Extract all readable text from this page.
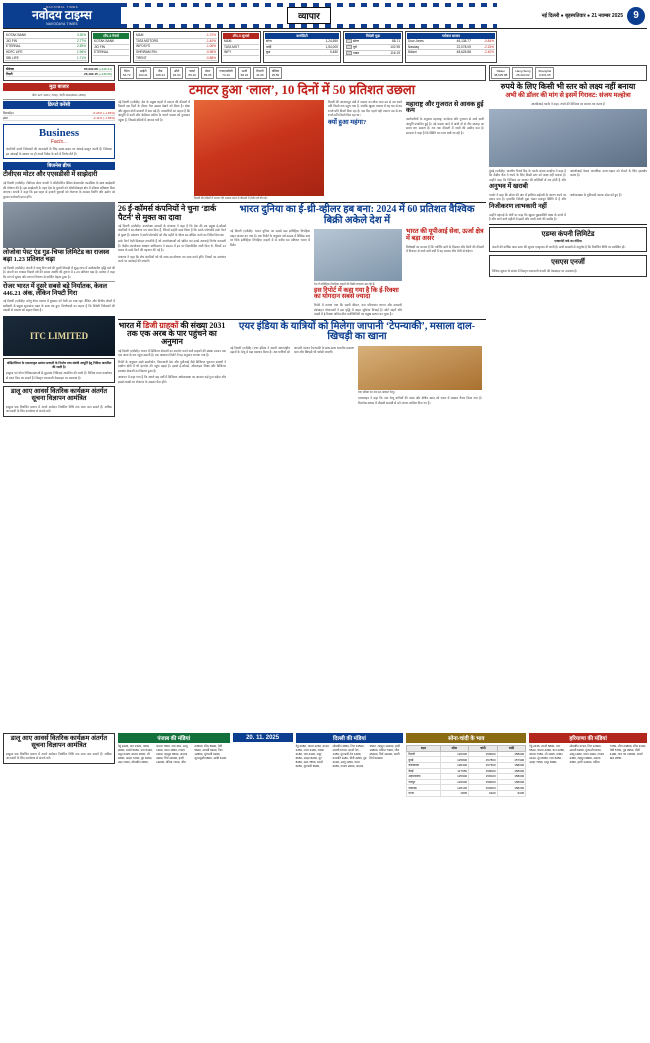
NAVJOBAL TIMES
नवोदय टाइम्स
NAVODAYA TIMES
व्यापार	नई दिल्ली ● बृहस्पतिवार ● 21 नवम्बर 2025	9
KOTAK BANK	3.30%
JIO FIN	2.77%
ETERNAL	2.59%
HDFC LIFE	1.96%
SBI LIFE	1.71%
टॉप-3 गेनर्स
KOTAK BANK
JIO FIN
ETERNAL
M&M	-1.72%
TATA MOTORS	-1.40%
INFOSYS	-1.06%
SHRIRAM FIN	-0.98%
TRENT	-0.88%
टॉप-3 लूजर्स
M&M
TATA MOT
INFY
कमोडिटी
सोना	1,24,550
चांदी	1,54,000
क्रूड	5,480
विदेशी मुद्रा
डॉलर	88.71
यूरो	102.95
पाउंड	116.19
ग्लोबल बाजार
Dow Jones	46,138.77	-0.84%
Nasdaq	22,078.05	-2.15%
Nikkei	48,625.88	-2.40%
सेंसेक्स	85,632.68 (+446.21)
निफ्टी	26,192.15 (+139.50)
रिटेल
54.72
आईटी
104.21
बैंक
108.44
ऑटो
94.30
फार्मा
89.10
मेटल
85.06
एफएमसीजी
73.10
ऊर्जा
58.22
रियल्टी
41.05
मीडिया
25.50
Nikkei
48,625.88
Hang Seng
25,220.02
Shanghai
3,931.05
मुद्रा बाजार
सेल 127.100 (-700), चांदी 160,800 (-800)
क्रिप्टो करेंसी
बिटकॉइन	-0.24% (-1.83%)
इथर	-2.11% (-1.65%)
Business
Facts...
कंपनियों अपने निवेशकों की जानकारी के लिए समय-समय पर आंकड़े प्रस्तुत करती हैं। निवेशक इन आंकड़ों के आधार पर ही अपने निवेश के बारे में निर्णय लेते हैं।
बिजनेस ब्रीफ
टीवीएस मोटर और एएसडीसी में साझेदारी
नई दिल्ली (एजेंसी)। टीवीएस मोटर कंपनी ने ऑटोमोटिव स्किल डेवलपमेंट काउंसिल के साथ साझेदारी की घोषणा की है। इस साझेदारी के तहत देश के युवाओं को ऑटोमोबाइल क्षेत्र में कौशल प्रशिक्षण दिया जाएगा। कंपनी ने कहा कि इस पहल से हजारों युवाओं को रोजगार के अवसर मिलेंगे और उद्योग को कुशल कर्मचारी प्राप्त होंगे।
लोजोवा पेस्ट एंड गुड-चिप्स लिमिटेड का राजस्व बढ़ा 1.23 प्रतिशत चढ़ा
नई दिल्ली (एजेंसी)। कंपनी ने चालू वित्त वर्ष की दूसरी तिमाही में शुद्ध लाभ में उल्लेखनीय वृद्धि दर्ज की है। कंपनी का राजस्व पिछले वर्ष की समान अवधि की तुलना में 1.23 प्रतिशत बढ़ा है। प्रबंधन ने कहा कि मांग में सुधार और लागत नियंत्रण से मार्जिन बेहतर हुआ है।
रोजर भारत में दूसरे सबसे बड़े निर्यातक, केवल 446.21 अंक, लेकिन निफ्टी गिरा
नई दिल्ली (एजेंसी)। घरेलू शेयर बाजार में बुधवार को तेजी का रुख रहा। बैंकिंग और वित्तीय शेयरों में खरीदारी से प्रमुख सूचकांक बढ़त के साथ बंद हुए। विश्लेषकों का कहना है कि विदेशी निवेशकों की वापसी से बाजार को सहारा मिला है।
ITC LIMITED
ऑडिटोरियम के एकल्लकृत प्रबंधन प्रणाली के निर्माण तथा संबंधी आपूर्ति हेतु निविदा आमंत्रित की जाती है।
इच्छुक एवं योग्य निविदादाताओं से मुहरबंद निविदाएं आमंत्रित की जाती हैं। निविदा प्रपत्र कार्यालय से प्राप्त किए जा सकते हैं। विस्तृत जानकारी वेबसाइट पर उपलब्ध है।
डालू आए आवर्स वितरिक कार्यक्रम अंतर्गत सूचना विज्ञापन आमंत्रित
इच्छुक पक्ष निर्धारित प्रारूप में अपने आवेदन निर्धारित तिथि तक जमा करा सकते हैं। अधिक जानकारी के लिए कार्यालय से संपर्क करें।
टमाटर हुआ ‘लाल’, 10 दिनों में 50 प्रतिशत उछला
नई दिल्ली (एजेंसी)। देश के प्रमुख शहरों में टमाटर की कीमतों में पिछले दस दिनों के दौरान तेज उछाल देखने को मिला है। थोक और खुदरा दोनों बाजारों में दाम बढ़े हैं। व्यापारियों का कहना है कि आपूर्ति में कमी और बेमौसम बारिश के चलते फसल को नुकसान पहुंचा है, जिससे मंडियों में आवक घटी है।
दिल्ली की मंडियों में टमाटर की आवक घटने से कीमतों में तेजी दर्ज की गई।
दिल्ली की आजादपुर मंडी में टमाटर का थोक भाव 20 से 30 रुपये प्रति किलो तक पहुंच गया है, जबकि खुदरा बाजार में यह 50 से 60 रुपये प्रति किलो बिक रहा है। दस दिन पहले यही टमाटर 30 से 35 रुपये प्रति किलो मिल रहा था।
क्यों हुआ महंगा?
महाराष्ट्र और गुजरात से आवक हुई कम
कारोबारियों के अनुसार महाराष्ट्र, कर्नाटक और गुजरात से आने वाली आपूर्ति प्रभावित हुई है। नई फसल आने में अभी दो से तीन सप्ताह का समय लग सकता है। तब तक कीमतों में नरमी की उम्मीद कम है। सरकार ने कहा है कि स्थिति पर नजर रखी जा रही है।
26 ई-कॉमर्स कंपनियों ने चुना ‘डार्क पैटर्न’ से मुक्त का दावा
नई दिल्ली (एजेंसी)। उपभोक्ता मामलों के मंत्रालय ने कहा है कि देश की 26 प्रमुख ई-कॉमर्स कंपनियों ने स्व-घोषणा पत्र जमा किए हैं, जिनमें उन्होंने दावा किया है कि उनके प्लेटफॉर्म डार्क पैटर्न से मुक्त हैं। मंत्रालय ने सभी प्लेटफॉर्म को तीन महीने के भीतर स्व-ऑडिट करने का निर्देश दिया था।
डार्क पैटर्न ऐसी डिजाइन तकनीकें हैं जो उपभोक्ताओं को भ्रमित कर उनसे अनचाहे निर्णय करवाती हैं। केंद्रीय उपभोक्ता संरक्षण प्राधिकरण ने 2023 में इन पर दिशानिर्देश जारी किए थे, जिनमें 13 प्रकार के डार्क पैटर्न की पहचान की गई है।
मंत्रालय ने कहा कि शेष कंपनियों को भी जल्द स्व-घोषणा पत्र जमा करने होंगे। नियमों का उल्लंघन करने पर कार्रवाई की जाएगी।
भारत दुनिया का ई-थ्री-व्हीलर हब बना: 2024 में 60 प्रतिशत वैश्विक बिक्री अकेले देश में
नई दिल्ली (एजेंसी)। भारत दुनिया का सबसे बड़ा इलेक्ट्रिक तिपहिया वाहन बाजार बन गया है। एक रिपोर्ट के अनुसार वर्ष 2024 में वैश्विक स्तर पर बिके इलेक्ट्रिक तिपहिया वाहनों में से करीब 60 प्रतिशत भारत में बिके।
देश में इलेक्ट्रिक तिपहिया वाहनों की बिक्री लगातार बढ़ रही है।
इस रिपोर्ट में कहा गया है कि ई-रिक्शा का योगदान सबसे ज्यादा
रिपोर्ट में बताया गया कि सस्ती कीमत, कम परिचालन लागत और सरकारी प्रोत्साहन योजनाओं ने इस वृद्धि में अहम भूमिका निभाई है। छोटे शहरों और कस्बों में ई-रिक्शा अंतिम मील कनेक्टिविटी का प्रमुख साधन बन चुका है।
भारत की यूपीआई सेवा, ऊर्जा क्षेत्र में बड़ा असर
विशेषज्ञों का मानना है कि चार्जिंग ढांचे के विस्तार और बैटरी की कीमतों में गिरावट से आने वाले वर्षों में यह बाजार और तेजी से बढ़ेगा।
भारत में डिजी ग्राहकों की संख्या 2031 तक एक अरब के पार पहुंचने का अनुमान
नई दिल्ली (एजेंसी)। भारत में डिजिटल सेवाओं का उपयोग करने वाले ग्राहकों की संख्या 2031 तक एक अरब के पार पहुंच सकती है। एक अध्ययन रिपोर्ट में यह अनुमान लगाया गया है।
रिपोर्ट के अनुसार सस्ते स्मार्टफोन, किफायती डेटा और यूपीआई जैसे डिजिटल भुगतान साधनों ने ग्रामीण क्षेत्रों में भी इंटरनेट की पहुंच बढ़ाई है। इससे ई-कॉमर्स, ऑनलाइन शिक्षा और डिजिटल स्वास्थ्य सेवाओं का विस्तार हुआ है।
अध्ययन में कहा गया है कि अगले छह वर्षों में डिजिटल अर्थव्यवस्था का आकार कई गुना बढ़ेगा और इससे लाखों नए रोजगार के अवसर पैदा होंगे।
एयर इंडिया के यात्रियों को मिलेगा जापानी ‘टेपन्याकी’, मसाला दाल-खिचड़ी का खाना
नई दिल्ली (एजेंसी)। एयर इंडिया ने अपनी अंतरराष्ट्रीय उड़ानों के मेन्यू में बड़ा बदलाव किया है। अब यात्रियों को जापानी व्यंजन टेपन्याकी के साथ-साथ भारतीय मसाला दाल और खिचड़ी भी परोसी जाएगी।
एयर इंडिया का नया इन-फ्लाइट मेन्यू।
एयरलाइन ने कहा कि नया मेन्यू यात्रियों की पसंद और क्षेत्रीय स्वाद को ध्यान में रखकर तैयार किया गया है। बिजनेस क्लास में मौसमी सामग्री से बने व्यंजन शामिल किए गए हैं।
रुपये के लिए किसी भी स्तर को लक्ष्य नहीं बनाया
अभी की डॉलर की मांग से इसमें गिरावट: संजय मल्होत्रा
आरबीआई गवर्नर ने कहा- रुपये की विनिमय दर बाजार तय करता है
मुंबई (एजेंसी)। भारतीय रिजर्व बैंक के गवर्नर संजय मल्होत्रा ने कहा है कि केंद्रीय बैंक ने रुपये के लिए किसी स्तर को लक्ष्य नहीं बनाया है। उन्होंने कहा कि विनिमय दर बाजार की शक्तियों से तय होती है और आरबीआई केवल अत्यधिक उतार-चढ़ाव को रोकने के लिए हस्तक्षेप करता है।
अनुभव में खराबी
गवर्नर ने कहा कि डॉलर की मांग में हालिया बढ़ोतरी के कारण रुपये पर दबाव बना है। हालांकि विदेशी मुद्रा भंडार मजबूत स्थिति में है और अर्थव्यवस्था के बुनियादी कारक ठोस बने हुए हैं।
निजीकरण लाभकारी नहीं
उन्होंने महंगाई के मोर्चे पर कहा कि खुदरा मुद्रास्फीति लक्ष्य के दायरे में है और आने वाले महीनों में इसमें और नरमी आने की उम्मीद है।
एडम्स कंपनी लिमिटेड
एक्सपोर्ट वर्क का नोटिस
कंपनी की वार्षिक आम सभा की सूचना एतद्द्वारा दी जाती है। सभी सदस्यों से अनुरोध है कि निर्धारित तिथि पर उपस्थित हों।
एसएस एनर्जी
निविदा सूचना के संबंध में विस्तृत जानकारी कंपनी की वेबसाइट पर उपलब्ध है।
डालू आए आवर्स वितरिक कार्यक्रम अंतर्गत सूचना विज्ञापन आमंत्रित
इच्छुक पक्ष निर्धारित प्रारूप में अपने आवेदन निर्धारित तिथि तक जमा करा सकते हैं। अधिक जानकारी के लिए कार्यालय से संपर्क करें।
पंजाब की मंडियां
गेहूं 2425, धान 2320, मक्का 2090, सरसों 5650, चना 5440, मसूर 6425, बाजरा 2500, जौ 1890, अरहर 7200, मूंग 8150, उड़द 7400, सोयाबीन 4650, कपास 7500, गन्ना 391, आलू 1200, प्याज 1850, टमाटर 2200, लहसुन 9500, अदरक 4200, मिर्च 11500, हल्दी 13200, धनिया 7100, जीरा 24500, सौंफ 8900, मेथी 5600, अलसी 6400, तिल 12800, मूंगफली 6200, सूरजमुखी 6800, अरंडी 6100
20. 11. 2025	दिल्ली की मंडियां
गेहूं 2680, चावल 4250, बाजरा 2450, ज्वार 3100, मक्का 2180, चना 6100, मसूर 6650, अरहर 8200, मूंग 8450, उड़द 7850, सरसों 6250, मूंगफली 6500, सोयाबीन 4850, तिल 13500, अलसी 6700, सरसों तेल 1450, मूंगफली तेल 1680, वनस्पति 1180, चीनी 4250, गुड़ 4100, आलू 1350, प्याज 2050, टमाटर 2600, अदरक 4500, लहसुन 10200, हल्दी 13800, धनिया 7400, जीरा 25200, मिर्च 12200, काली मिर्च 62000
सोना-चांदी के भाव
शहर	सोना	चांदी	चांदी
दिल्ली	126000	158000	158000
मुंबई	125800	157800	157900
कोलकाता	128400	157500	158000
चेन्नई	117550	158000	158000
अहमदाबाद	125900	158100	158000
जयपुर	126000	158000	158000
लखनऊ	126100	158200	158200
पटना	1805	9100	9300
हरियाणा की मंडियां
गेहूं 2435, सरसों 5800, चना 5520, बाजरा 2390, धान 2280, कपास 7350, जौ 1925, मक्का 2140, मूंग 8050, ग्वार 5250, अरहर 7350, मसूर 6380, सोयाबीन 4720, तिल 12600, अलसी 6350, मूंगफली 6150, आलू 1280, प्याज 1920, टमाटर 2450, लहसुन 9800, अदरक 4350, हल्दी 13400, धनिया 7250, जीरा 24800, सौंफ 9100, मेथी 5750, गुड़ 3950, चीनी 4180, ग्वार गम 10500, सरसों खल 2650
